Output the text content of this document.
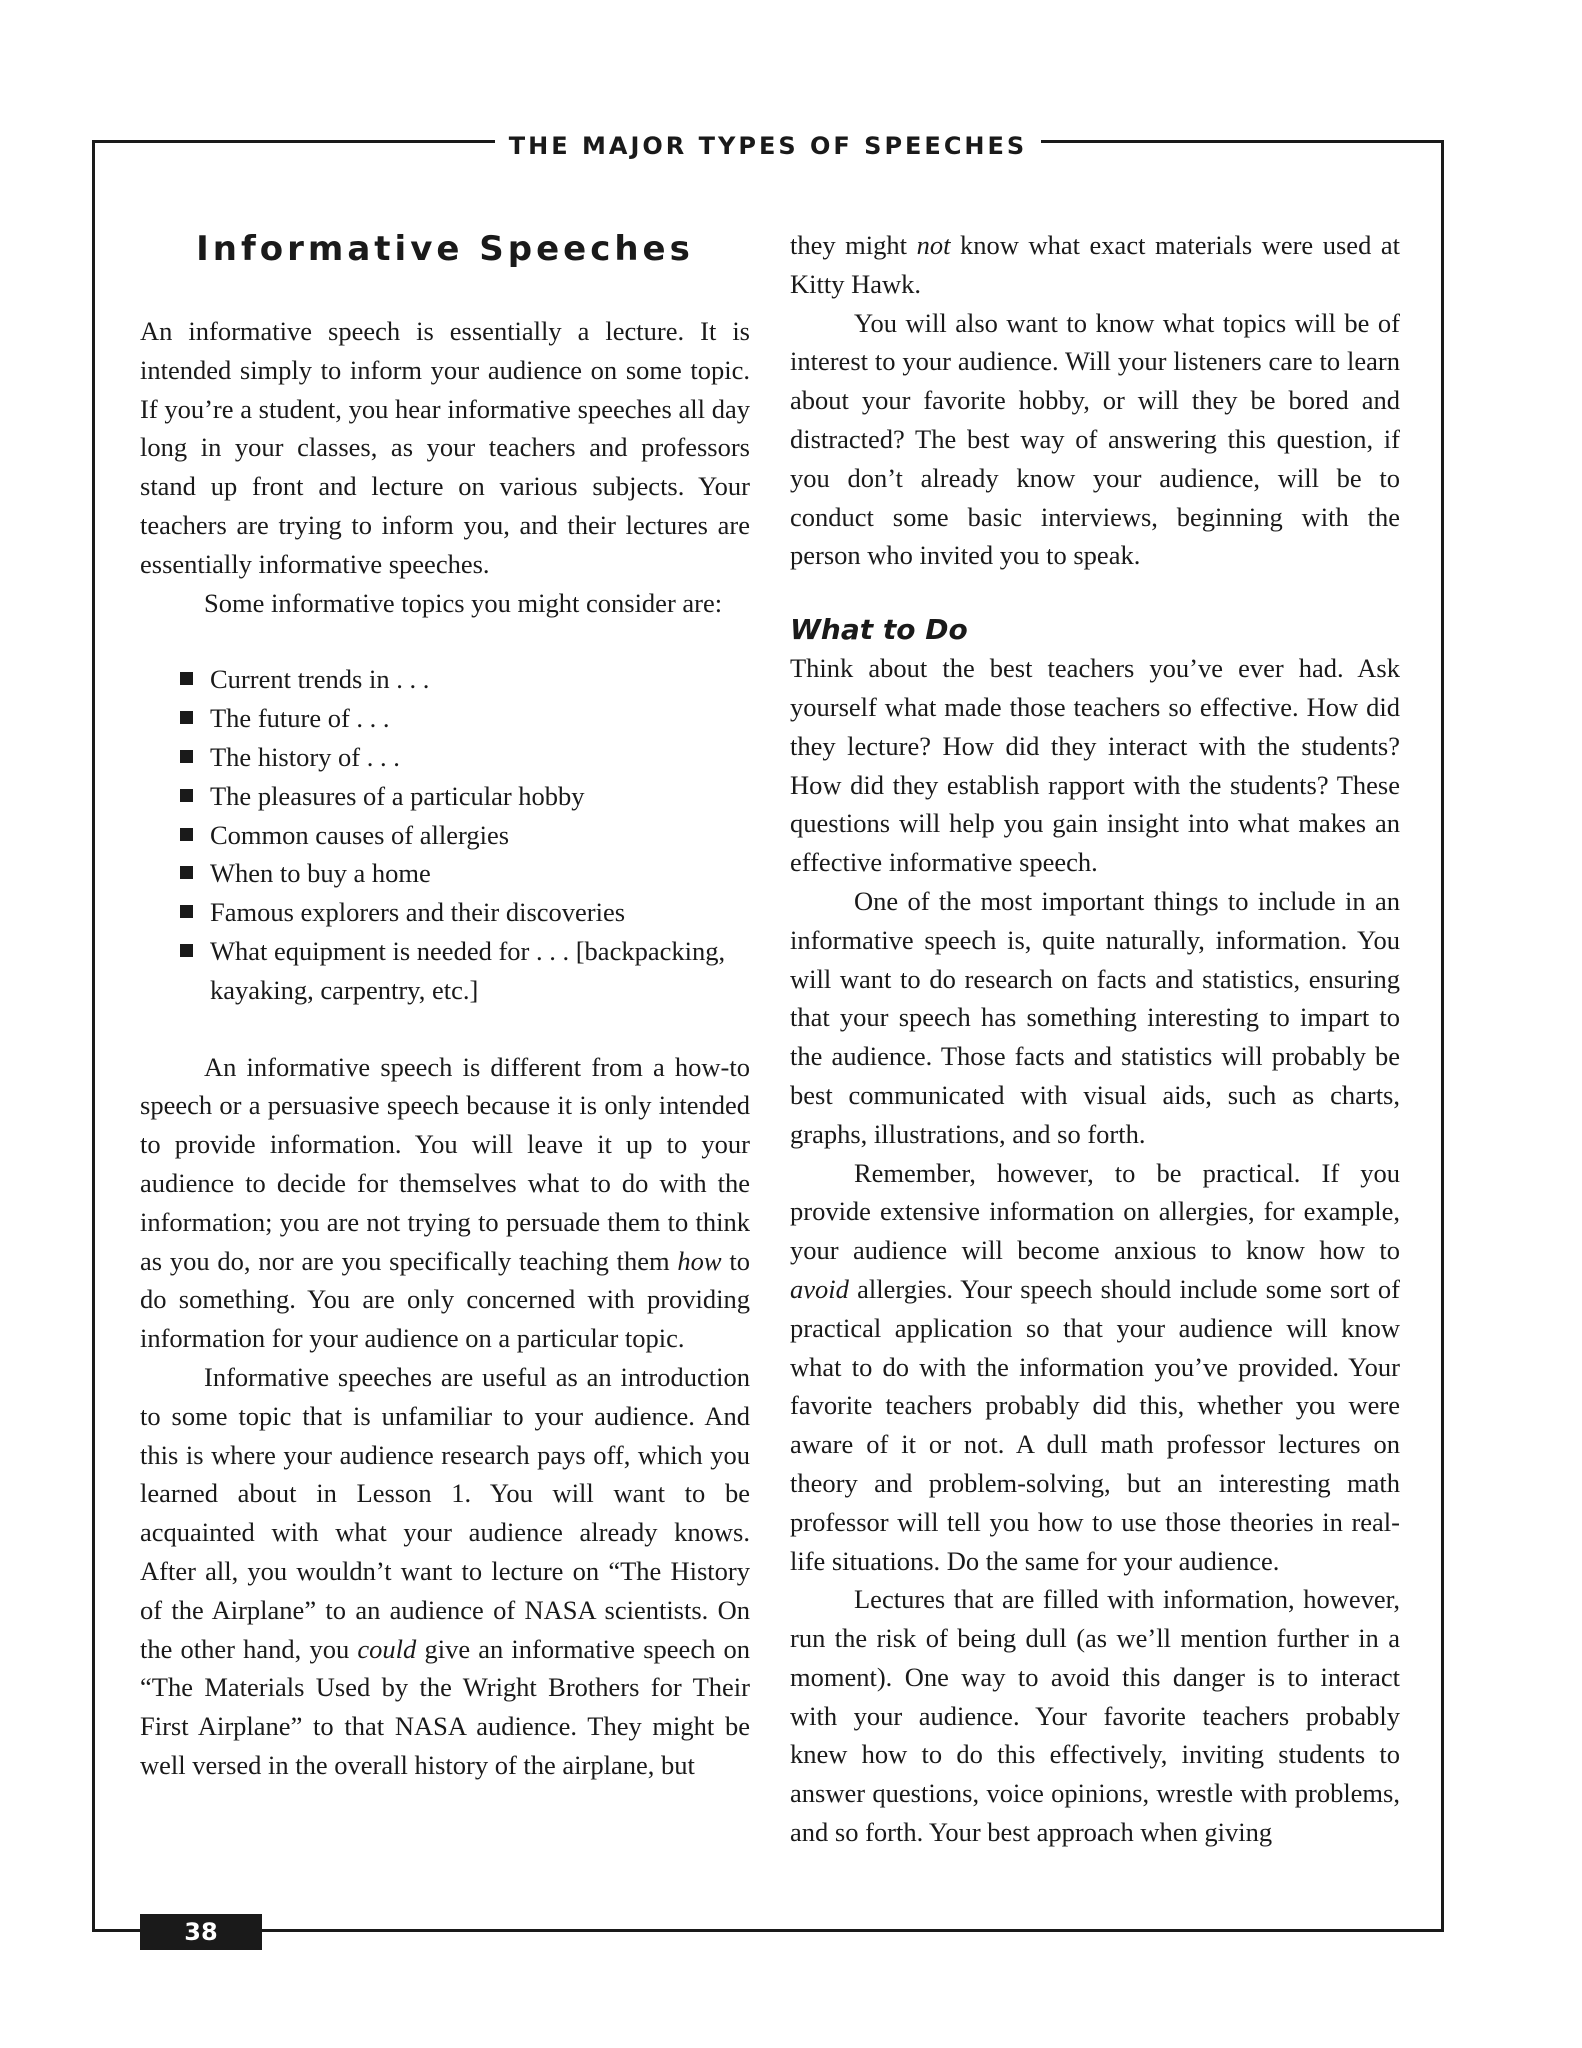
THE MAJOR TYPES OF SPEECHES
Informative Speeches

An informative speech is essentially a lecture. It is intended simply to inform your audience on some topic. If you’re a student, you hear informative speeches all day long in your classes, as your teachers and professors stand up front and lecture on various subjects. Your teachers are trying to inform you, and their lectures are essentially informative speeches.

Some informative topics you might consider are:

Current trends in . . .
The future of . . .
The history of . . .
The pleasures of a particular hobby
Common causes of allergies
When to buy a home
Famous explorers and their discoveries
What equipment is needed for . . . [backpacking, kayaking, carpentry, etc.]

An informative speech is different from a how-to speech or a persuasive speech because it is only intended to provide information. You will leave it up to your audience to decide for themselves what to do with the information; you are not trying to persuade them to think as you do, nor are you specifically teaching them how to do something. You are only concerned with providing information for your audience on a particular topic.

Informative speeches are useful as an introduction to some topic that is unfamiliar to your audience. And this is where your audience research pays off, which you learned about in Lesson 1. You will want to be acquainted with what your audience already knows. After all, you wouldn’t want to lecture on “The History of the Airplane” to an audience of NASA scientists. On the other hand, you could give an informative speech on “The Materials Used by the Wright Brothers for Their First Airplane” to that NASA audience. They might be well versed in the overall history of the airplane, but

they might not know what exact materials were used at Kitty Hawk.

You will also want to know what topics will be of interest to your audience. Will your listeners care to learn about your favorite hobby, or will they be bored and distracted? The best way of answering this question, if you don’t already know your audience, will be to conduct some basic interviews, beginning with the person who invited you to speak.

What to Do

Think about the best teachers you’ve ever had. Ask yourself what made those teachers so effective. How did they lecture? How did they interact with the students? How did they establish rapport with the students? These questions will help you gain insight into what makes an effective informative speech.

One of the most important things to include in an informative speech is, quite naturally, information. You will want to do research on facts and statistics, ensuring that your speech has something interesting to impart to the audience. Those facts and statistics will probably be best communicated with visual aids, such as charts, graphs, illustrations, and so forth.

Remember, however, to be practical. If you provide extensive information on allergies, for example, your audience will become anxious to know how to avoid allergies. Your speech should include some sort of practical application so that your audience will know what to do with the information you’ve provided. Your favorite teachers probably did this, whether you were aware of it or not. A dull math professor lectures on theory and problem-solving, but an interesting math professor will tell you how to use those theories in real-life situations. Do the same for your audience.

Lectures that are filled with information, however, run the risk of being dull (as we’ll mention further in a moment). One way to avoid this danger is to interact with your audience. Your favorite teachers probably knew how to do this effectively, inviting students to answer questions, voice opinions, wrestle with problems, and so forth. Your best approach when giving

38
